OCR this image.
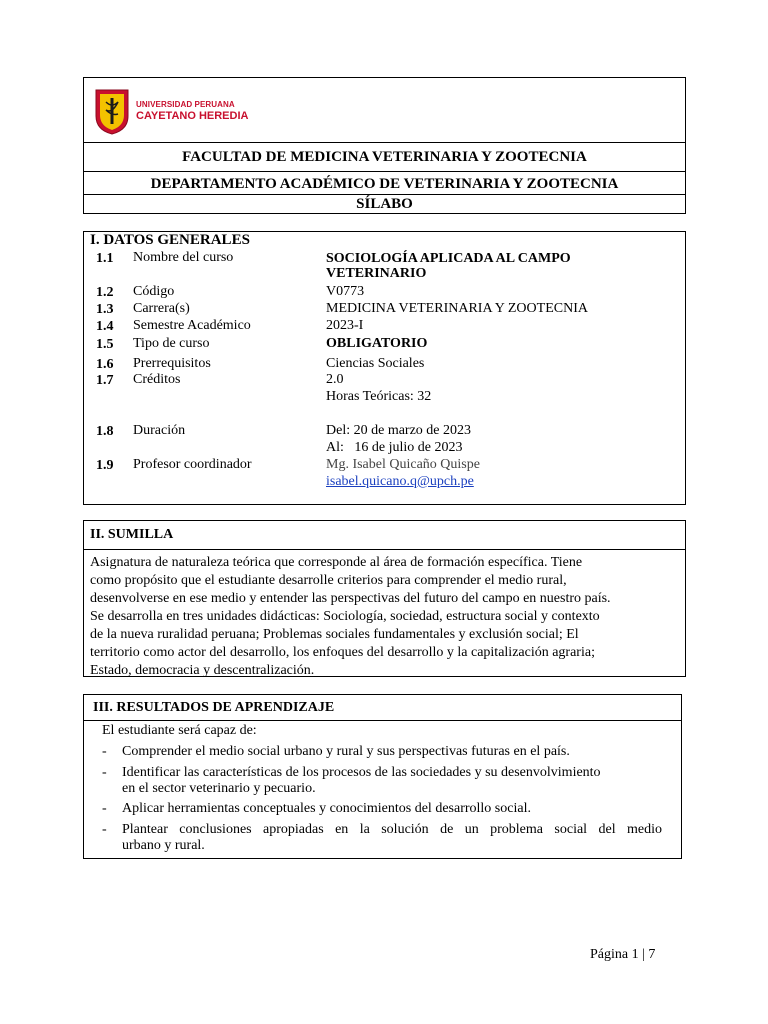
UNIVERSIDAD PERUANA
CAYETANO HEREDIA
FACULTAD DE MEDICINA VETERINARIA Y ZOOTECNIA
DEPARTAMENTO ACADÉMICO DE VETERINARIA Y ZOOTECNIA
SÍLABO
I. DATOS GENERALES
1.1 Nombre del curso	SOCIOLOGÍA APLICADA AL CAMPO
VETERINARIO
1.2 Código	V0773
1.3 Carrera(s)	MEDICINA VETERINARIA Y ZOOTECNIA
1.4 Semestre Académico	2023-I
1.5 Tipo de curso	OBLIGATORIO
1.6 Prerrequisitos	Ciencias Sociales
1.7 Créditos	2.0
Horas Teóricas: 32
1.8 Duración	Del: 20 de marzo de 2023
Al:   16 de julio de 2023
1.9 Profesor coordinador	Mg. Isabel Quicaño Quispe
isabel.quicano.q@upch.pe
II. SUMILLA
Asignatura de naturaleza teórica que corresponde al área de formación específica. Tiene
como propósito que el estudiante desarrolle criterios para comprender el medio rural,
desenvolverse en ese medio y entender las perspectivas del futuro del campo en nuestro país.
Se desarrolla en tres unidades didácticas: Sociología, sociedad, estructura social y contexto
de la nueva ruralidad peruana; Problemas sociales fundamentales y exclusión social; El
territorio como actor del desarrollo, los enfoques del desarrollo y la capitalización agraria;
Estado, democracia y descentralización.
III. RESULTADOS DE APRENDIZAJE
El estudiante será capaz de:
- Comprender el medio social urbano y rural y sus perspectivas futuras en el país.
- Identificar las características de los procesos de las sociedades y su desenvolvimiento
en el sector veterinario y pecuario.
- Aplicar herramientas conceptuales y conocimientos del desarrollo social.
- Plantear conclusiones apropiadas en la solución de un problema social del medio
urbano y rural.
Página 1 | 7
